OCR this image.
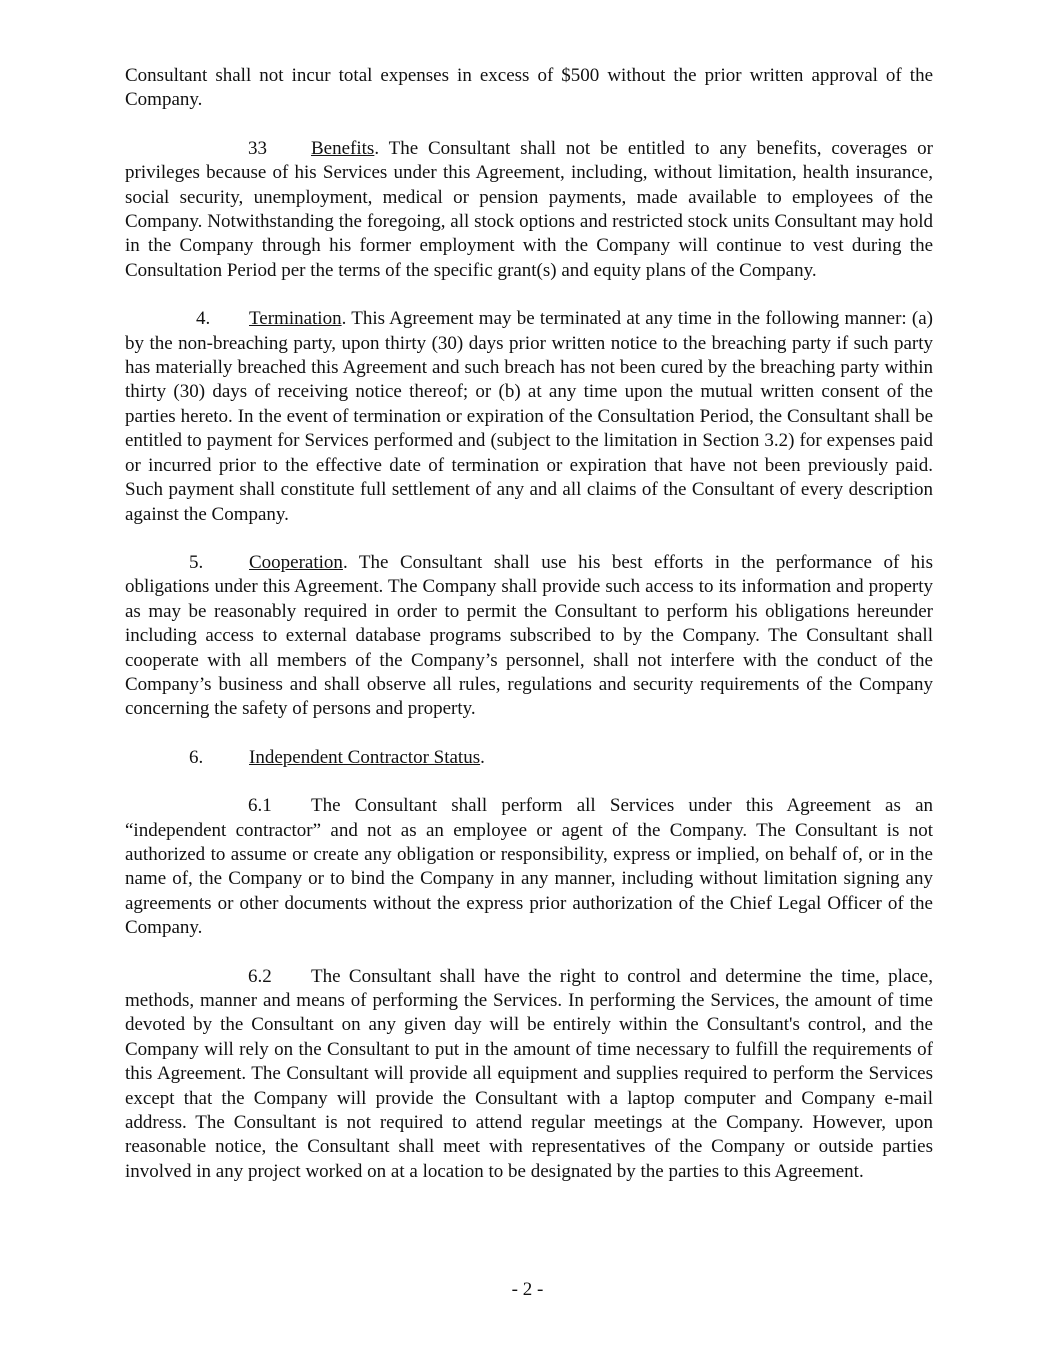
Consultant shall not incur total expenses in excess of $500 without the prior written approval of the Company.

33 Benefits. The Consultant shall not be entitled to any benefits, coverages or privileges because of his Services under this Agreement, including, without limitation, health insurance, social security, unemployment, medical or pension payments, made available to employees of the Company. Notwithstanding the foregoing, all stock options and restricted stock units Consultant may hold in the Company through his former employment with the Company will continue to vest during the Consultation Period per the terms of the specific grant(s) and equity plans of the Company.

4. Termination. This Agreement may be terminated at any time in the following manner: (a) by the non-breaching party, upon thirty (30) days prior written notice to the breaching party if such party has materially breached this Agreement and such breach has not been cured by the breaching party within thirty (30) days of receiving notice thereof; or (b) at any time upon the mutual written consent of the parties hereto. In the event of termination or expiration of the Consultation Period, the Consultant shall be entitled to payment for Services performed and (subject to the limitation in Section 3.2) for expenses paid or incurred prior to the effective date of termination or expiration that have not been previously paid. Such payment shall constitute full settlement of any and all claims of the Consultant of every description against the Company.

5. Cooperation. The Consultant shall use his best efforts in the performance of his obligations under this Agreement. The Company shall provide such access to its information and property as may be reasonably required in order to permit the Consultant to perform his obligations hereunder including access to external database programs subscribed to by the Company. The Consultant shall cooperate with all members of the Company’s personnel, shall not interfere with the conduct of the Company’s business and shall observe all rules, regulations and security requirements of the Company concerning the safety of persons and property.

6. Independent Contractor Status.

6.1 The Consultant shall perform all Services under this Agreement as an “independent contractor” and not as an employee or agent of the Company. The Consultant is not authorized to assume or create any obligation or responsibility, express or implied, on behalf of, or in the name of, the Company or to bind the Company in any manner, including without limitation signing any agreements or other documents without the express prior authorization of the Chief Legal Officer of the Company.

6.2 The Consultant shall have the right to control and determine the time, place, methods, manner and means of performing the Services. In performing the Services, the amount of time devoted by the Consultant on any given day will be entirely within the Consultant's control, and the Company will rely on the Consultant to put in the amount of time necessary to fulfill the requirements of this Agreement. The Consultant will provide all equipment and supplies required to perform the Services except that the Company will provide the Consultant with a laptop computer and Company e-mail address. The Consultant is not required to attend regular meetings at the Company. However, upon reasonable notice, the Consultant shall meet with representatives of the Company or outside parties involved in any project worked on at a location to be designated by the parties to this Agreement.

- 2 -
